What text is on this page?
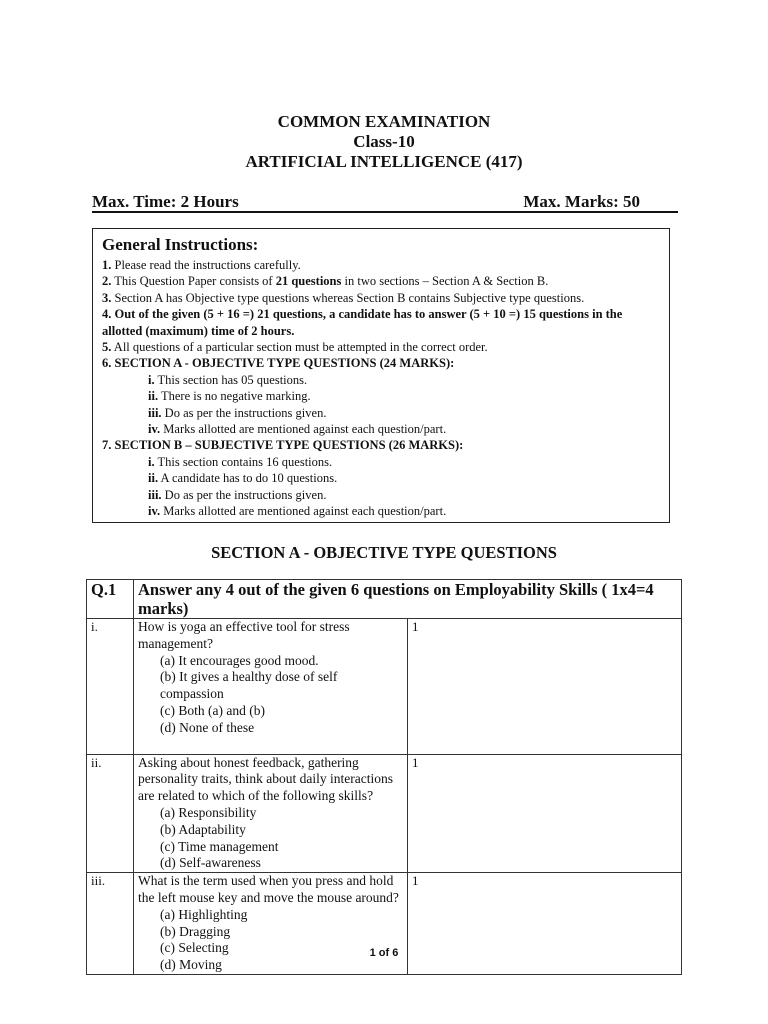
COMMON EXAMINATION
Class-10
ARTIFICIAL INTELLIGENCE (417)
Max. Time: 2 Hours	Max. Marks: 50
General Instructions:
1. Please read the instructions carefully.
2. This Question Paper consists of 21 questions in two sections – Section A & Section B.
3. Section A has Objective type questions whereas Section B contains Subjective type questions.
4. Out of the given (5 + 16 =) 21 questions, a candidate has to answer (5 + 10 =) 15 questions in the allotted (maximum) time of 2 hours.
5. All questions of a particular section must be attempted in the correct order.
6. SECTION A - OBJECTIVE TYPE QUESTIONS (24 MARKS):
i. This section has 05 questions.
ii. There is no negative marking.
iii. Do as per the instructions given.
iv. Marks allotted are mentioned against each question/part.
7. SECTION B – SUBJECTIVE TYPE QUESTIONS (26 MARKS):
i. This section contains 16 questions.
ii. A candidate has to do 10 questions.
iii. Do as per the instructions given.
iv. Marks allotted are mentioned against each question/part.
SECTION A - OBJECTIVE TYPE QUESTIONS
Q.1	Answer any 4 out of the given 6 questions on Employability Skills ( 1x4=4 marks)	
i.	How is yoga an effective tool for stress management?
(a) It encourages good mood.
(b) It gives a healthy dose of self compassion
(c) Both (a) and (b)
(d) None of these	1
ii.	Asking about honest feedback, gathering personality traits, think about daily interactions are related to which of the following skills?
(a) Responsibility
(b) Adaptability
(c) Time management
(d) Self-awareness	1
iii.	What is the term used when you press and hold the left mouse key and move the mouse around?
(a) Highlighting
(b) Dragging
(c) Selecting
(d) Moving	1
1 of 6
